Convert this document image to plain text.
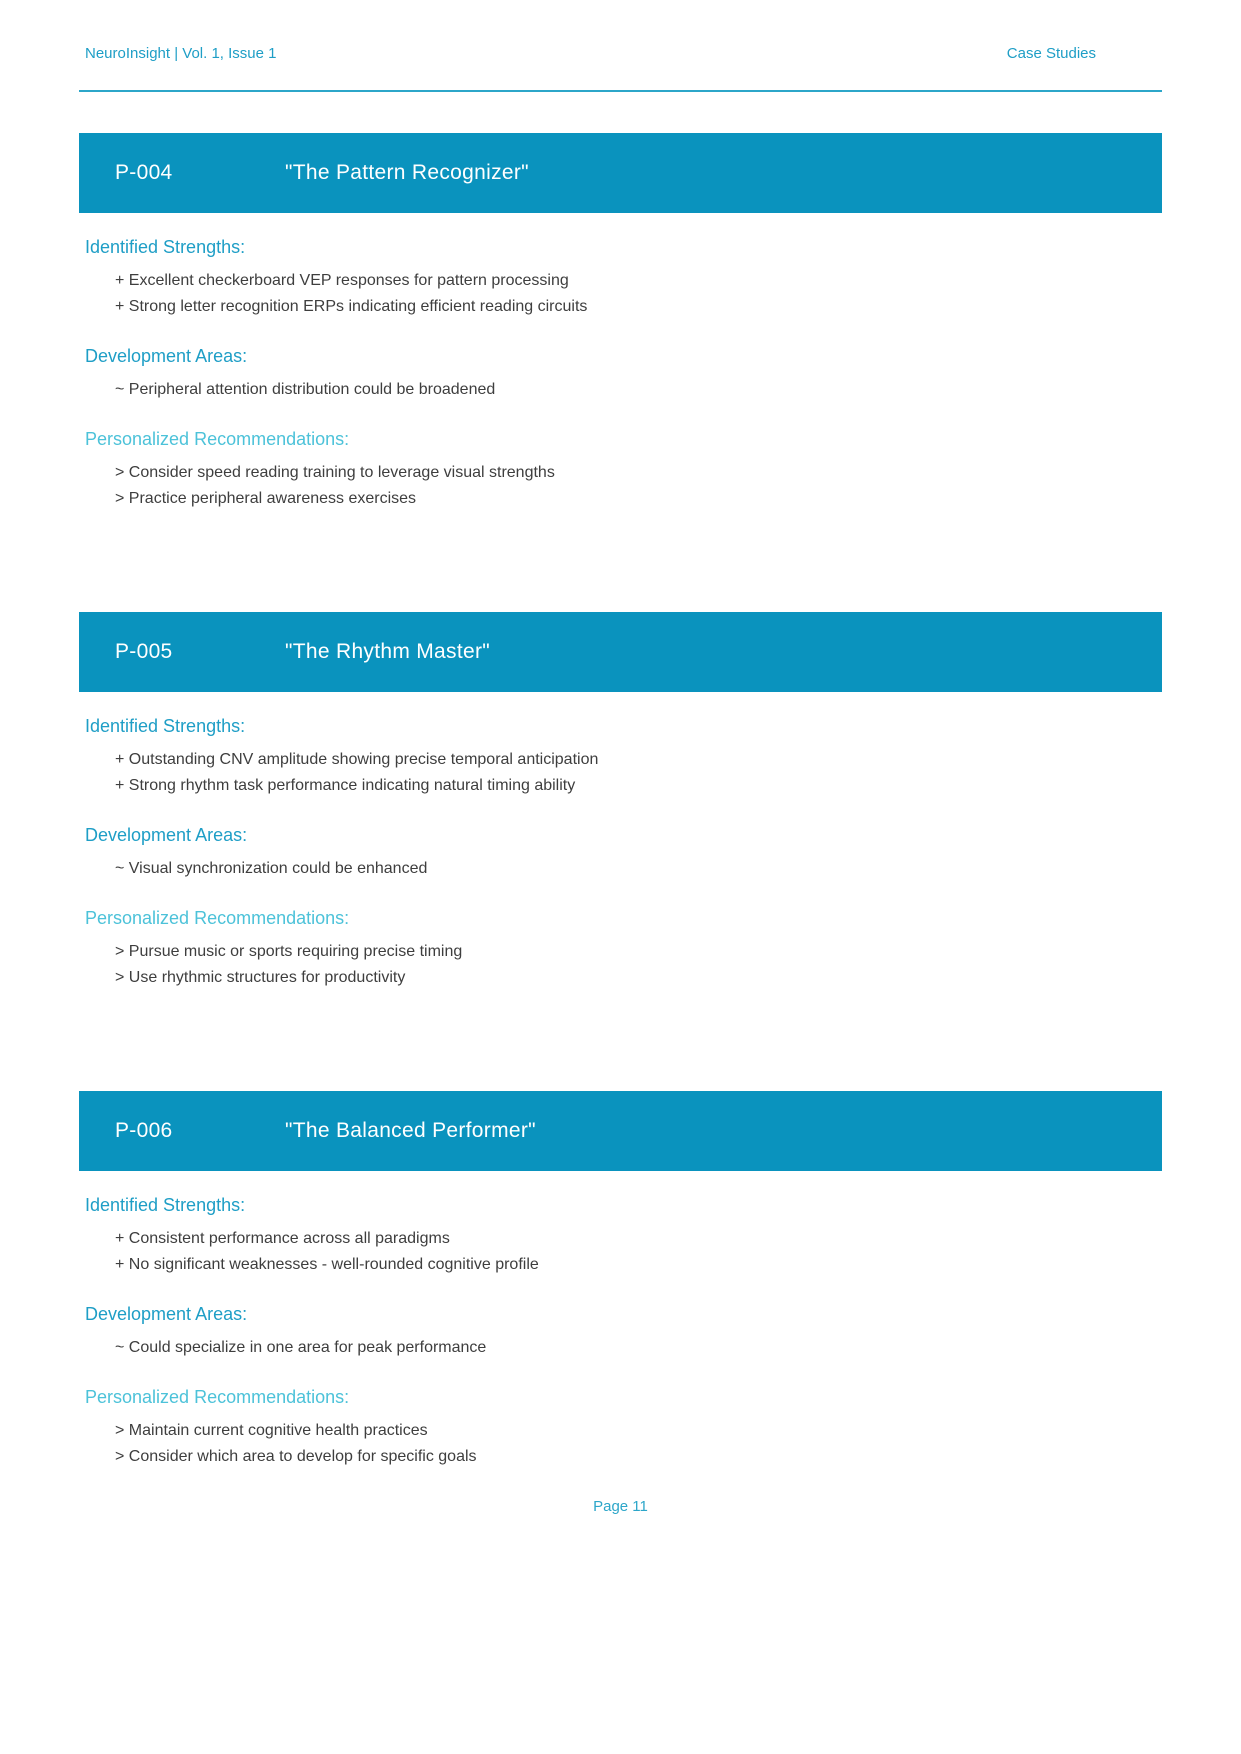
NeuroInsight | Vol. 1, Issue 1	Case Studies
P-004	"The Pattern Recognizer"
Identified Strengths:

+ Excellent checkerboard VEP responses for pattern processing

+ Strong letter recognition ERPs indicating efficient reading circuits

Development Areas:

~ Peripheral attention distribution could be broadened

Personalized Recommendations:

> Consider speed reading training to leverage visual strengths

> Practice peripheral awareness exercises

P-005	"The Rhythm Master"
Identified Strengths:

+ Outstanding CNV amplitude showing precise temporal anticipation

+ Strong rhythm task performance indicating natural timing ability

Development Areas:

~ Visual synchronization could be enhanced

Personalized Recommendations:

> Pursue music or sports requiring precise timing

> Use rhythmic structures for productivity

P-006	"The Balanced Performer"
Identified Strengths:

+ Consistent performance across all paradigms

+ No significant weaknesses - well-rounded cognitive profile

Development Areas:

~ Could specialize in one area for peak performance

Personalized Recommendations:

> Maintain current cognitive health practices

> Consider which area to develop for specific goals

Page 11
